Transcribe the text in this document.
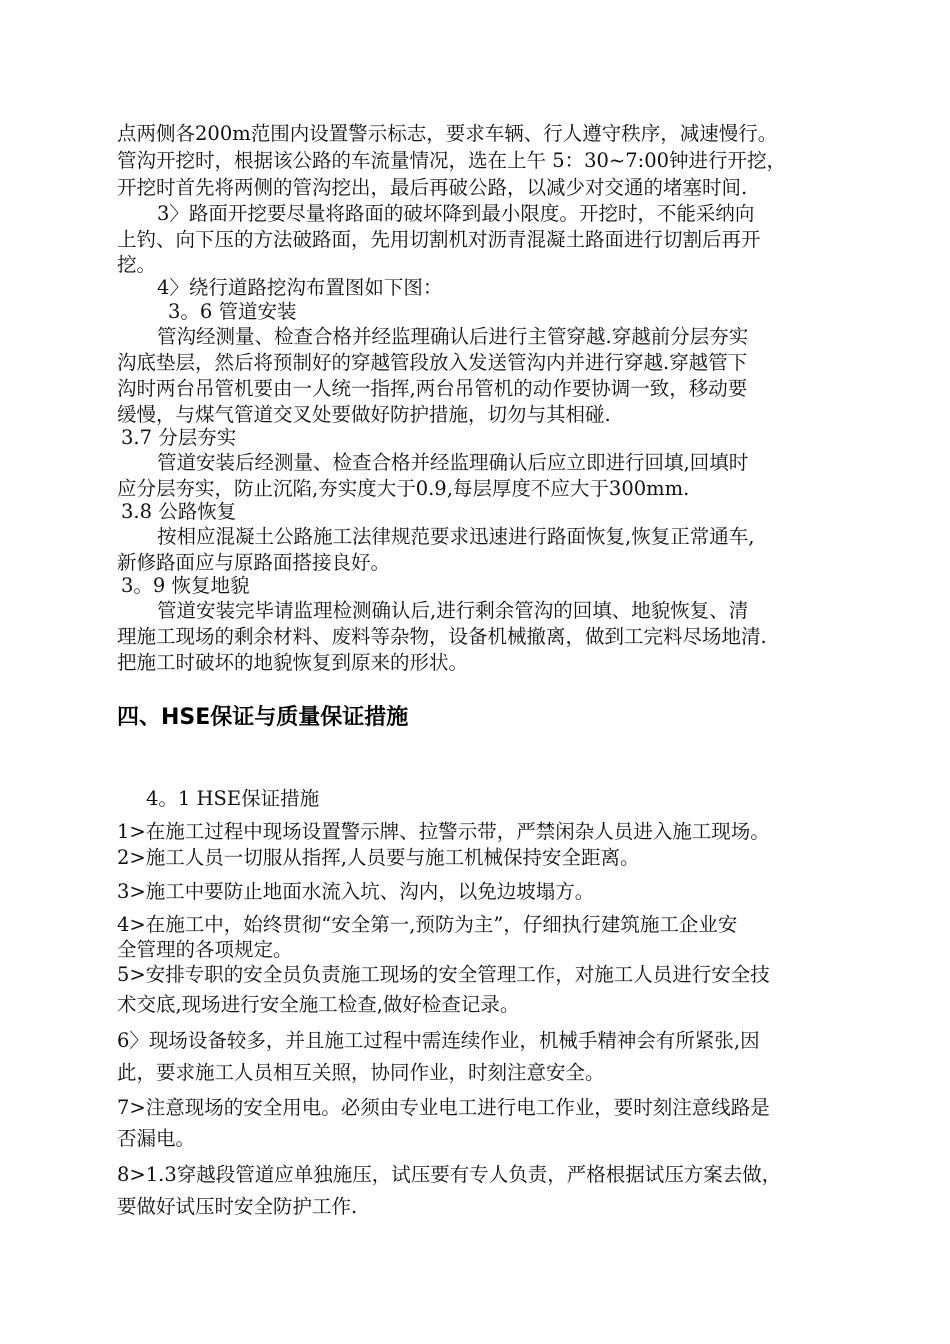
点两侧各200m范围内设置警示标志，要求车辆、行人遵守秩序，减速慢行。
管沟开挖时，根据该公路的车流量情况，选在上午 5：30~7:00钟进行开挖，
开挖时首先将两侧的管沟挖出，最后再破公路，以减少对交通的堵塞时间.
3〉路面开挖要尽量将路面的破坏降到最小限度。开挖时，不能采纳向
上钓、向下压的方法破路面，先用切割机对沥青混凝土路面进行切割后再开
挖。
4〉绕行道路挖沟布置图如下图：
3。6 管道安装
管沟经测量、检查合格并经监理确认后进行主管穿越.穿越前分层夯实
沟底垫层，然后将预制好的穿越管段放入发送管沟内并进行穿越.穿越管下
沟时两台吊管机要由一人统一指挥,两台吊管机的动作要协调一致，移动要
缓慢，与煤气管道交叉处要做好防护措施，切勿与其相碰.
3.7 分层夯实
管道安装后经测量、检查合格并经监理确认后应立即进行回填,回填时
应分层夯实，防止沉陷,夯实度大于0.9,每层厚度不应大于300mm.
3.8 公路恢复
按相应混凝土公路施工法律规范要求迅速进行路面恢复,恢复正常通车,
新修路面应与原路面搭接良好。
3。9 恢复地貌
管道安装完毕请监理检测确认后,进行剩余管沟的回填、地貌恢复、清
理施工现场的剩余材料、废料等杂物，设备机械撤离，做到工完料尽场地清.
把施工时破坏的地貌恢复到原来的形状。
四、HSE保证与质量保证措施
4。1 HSE保证措施
1>在施工过程中现场设置警示牌、拉警示带，严禁闲杂人员进入施工现场。
2>施工人员一切服从指挥,人员要与施工机械保持安全距离。
3>施工中要防止地面水流入坑、沟内，以免边坡塌方。
4>在施工中，始终贯彻“安全第一,预防为主”，仔细执行建筑施工企业安
全管理的各项规定。
5>安排专职的安全员负责施工现场的安全管理工作，对施工人员进行安全技
术交底,现场进行安全施工检查,做好检查记录。
6〉现场设备较多，并且施工过程中需连续作业，机械手精神会有所紧张,因
此，要求施工人员相互关照，协同作业，时刻注意安全。
7>注意现场的安全用电。必须由专业电工进行电工作业，要时刻注意线路是
否漏电。
8>1.3穿越段管道应单独施压，试压要有专人负责，严格根据试压方案去做，
要做好试压时安全防护工作.
